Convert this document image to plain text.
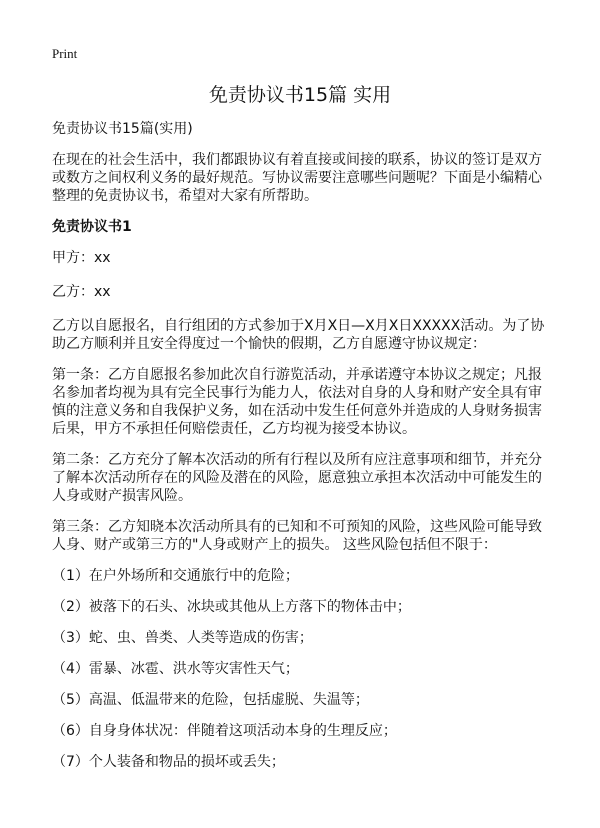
Print
免责协议书15篇 实用

免责协议书15篇(实用)

在现在的社会生活中，我们都跟协议有着直接或间接的联系，协议的签订是双方或数方之间权利义务的最好规范。写协议需要注意哪些问题呢？下面是小编精心整理的免责协议书，希望对大家有所帮助。

免责协议书1

甲方：xx

乙方：xx

乙方以自愿报名，自行组团的方式参加于X月X日—X月X日XXXXX活动。为了协助乙方顺利并且安全得度过一个愉快的假期，乙方自愿遵守协议规定：

第一条：乙方自愿报名参加此次自行游览活动，并承诺遵守本协议之规定；凡报名参加者均视为具有完全民事行为能力人，依法对自身的人身和财产安全具有审慎的注意义务和自我保护义务，如在活动中发生任何意外并造成的人身财务损害后果，甲方不承担任何赔偿责任，乙方均视为接受本协议。

第二条：乙方充分了解本次活动的所有行程以及所有应注意事项和细节，并充分了解本次活动所存在的风险及潜在的风险，愿意独立承担本次活动中可能发生的人身或财产损害风险。

第三条：乙方知晓本次活动所具有的已知和不可预知的风险，这些风险可能导致人身、财产或第三方的"人身或财产上的损失。 这些风险包括但不限于：

（1）在户外场所和交通旅行中的危险；
（2）被落下的石头、冰块或其他从上方落下的物体击中；
（3）蛇、虫、兽类、人类等造成的伤害；
（4）雷暴、冰雹、洪水等灾害性天气；
（5）高温、低温带来的危险，包括虚脱、失温等；
（6）自身身体状况：伴随着这项活动本身的生理反应；
（7）个人装备和物品的损坏或丢失；
